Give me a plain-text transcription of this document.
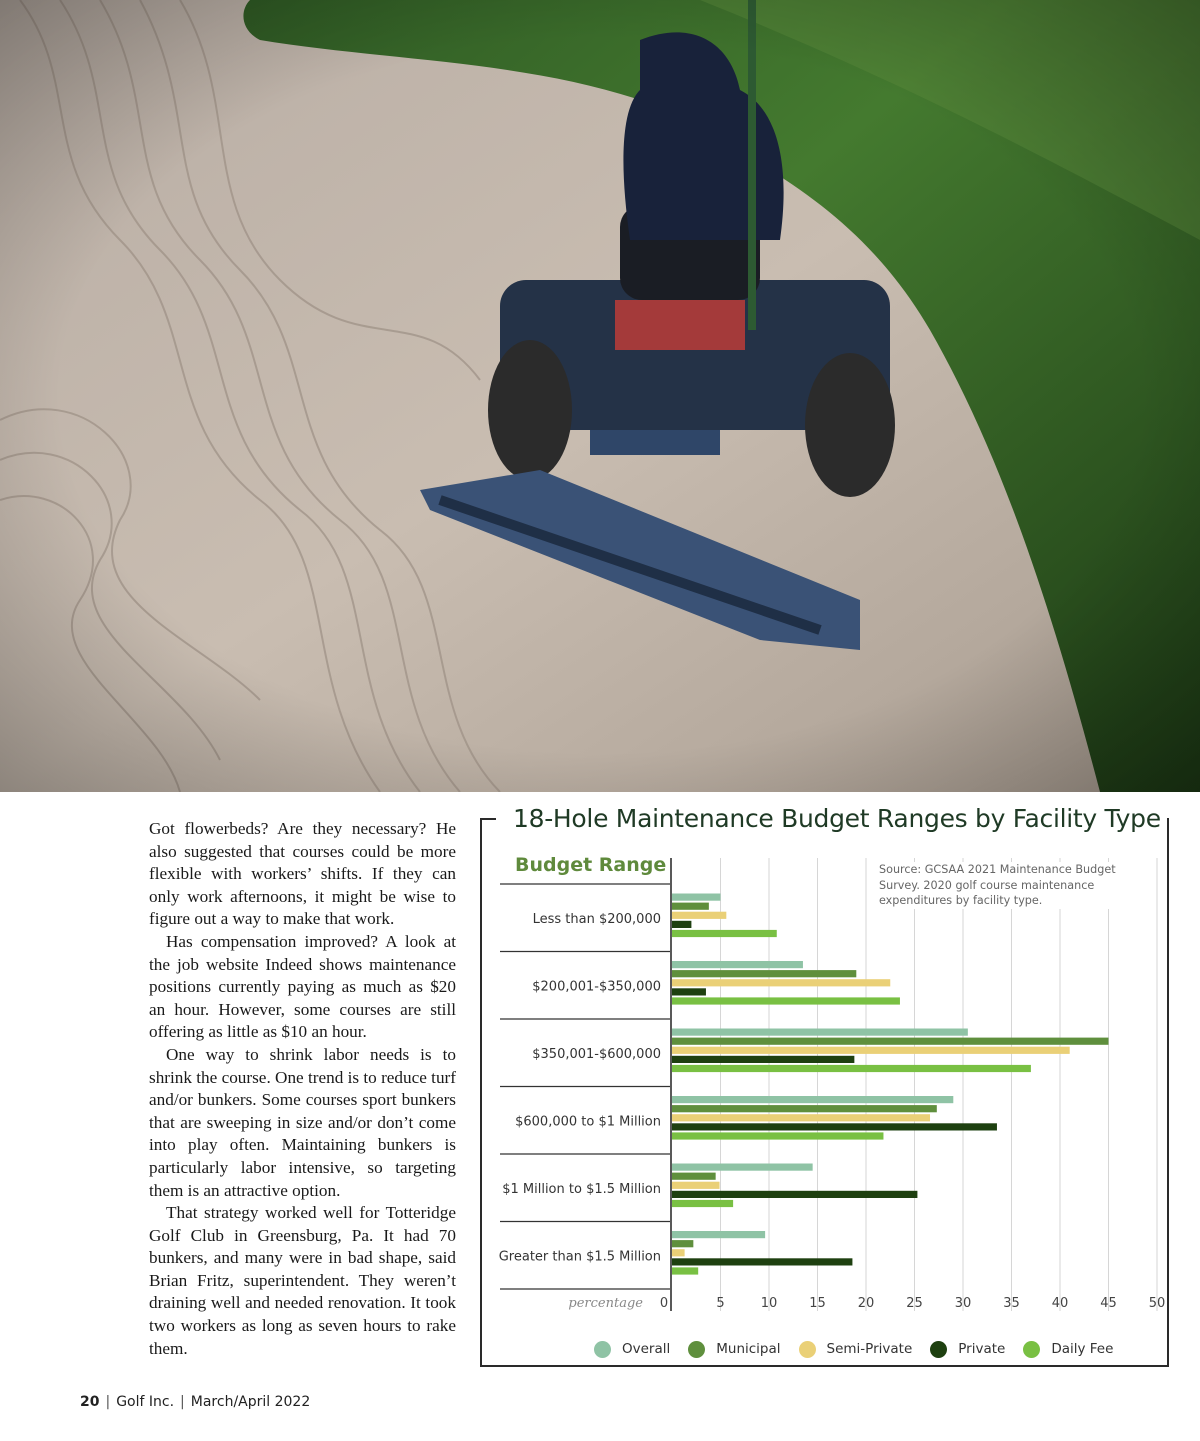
Got flowerbeds? Are they necessary? He also suggested that courses could be more flexible with workers’ shifts. If they can only work afternoons, it might be wise to figure out a way to make that work.

Has compensation improved? A look at the job website Indeed shows maintenance positions currently paying as much as $20 an hour. However, some courses are still offering as little as $10 an hour.

One way to shrink labor needs is to shrink the course. One trend is to reduce turf and/or bunkers. Some courses sport bunkers that are sweeping in size and/or don’t come into play often. Maintaining bunkers is particularly labor intensive, so targeting them is an attractive option.

That strategy worked well for Totteridge Golf Club in Greensburg, Pa. It had 70 bunkers, and many were in bad shape, said Brian Fritz, superintendent. They weren’t draining well and needed renovation. It took two workers as long as seven hours to rake them.

18-Hole Maintenance Budget Ranges by Facility Type
Budget Range
Less than $200,000
$200,001-$350,000
$350,001-$600,000
$600,000 to $1 Million
$1 Million to $1.5 Million
Greater than $1.5 Million
0	5	10 15 20 25 30 35 40 45 50
percentage
Source: GCSAA 2021 Maintenance Budget Survey. 2020 golf course maintenance expenditures by facility type.
Overall	Municipal	Semi-Private	Private	Daily Fee
20 | Golf Inc. | March/April 2022
